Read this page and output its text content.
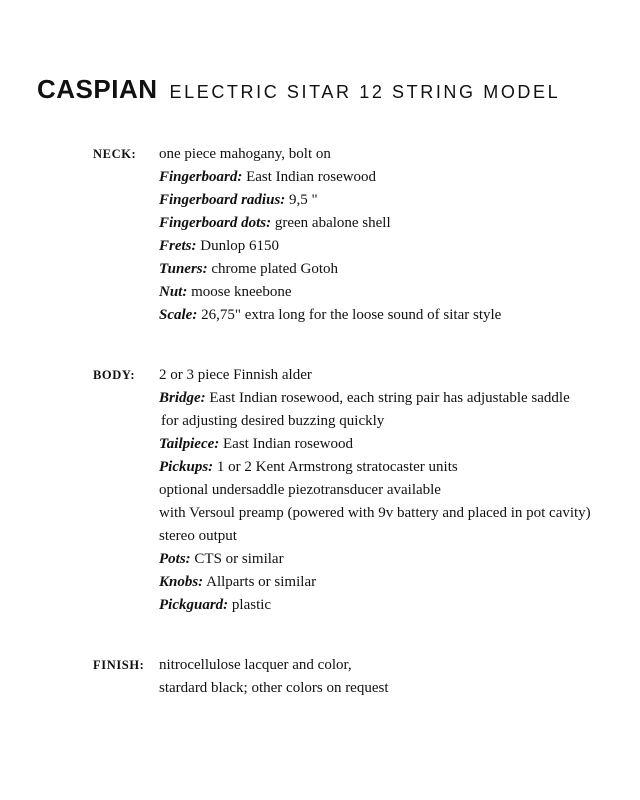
CASPIAN ELECTRIC SITAR 12 STRING MODEL
NECK: one piece mahogany, bolt on
Fingerboard: East Indian rosewood
Fingerboard radius: 9,5 "
Fingerboard dots: green abalone shell
Frets: Dunlop 6150
Tuners: chrome plated Gotoh
Nut: moose kneebone
Scale: 26,75" extra long for the loose sound of sitar style
BODY: 2 or 3 piece Finnish alder
Bridge: East Indian rosewood, each string pair has adjustable saddle
for adjusting desired buzzing quickly
Tailpiece: East Indian rosewood
Pickups: 1 or 2 Kent Armstrong stratocaster units
optional undersaddle piezotransducer available
with Versoul preamp (powered with 9v battery and placed in pot cavity)
stereo output
Pots: CTS or similar
Knobs: Allparts or similar
Pickguard: plastic
FINISH: nitrocellulose lacquer and color,
stardard black; other colors on request
